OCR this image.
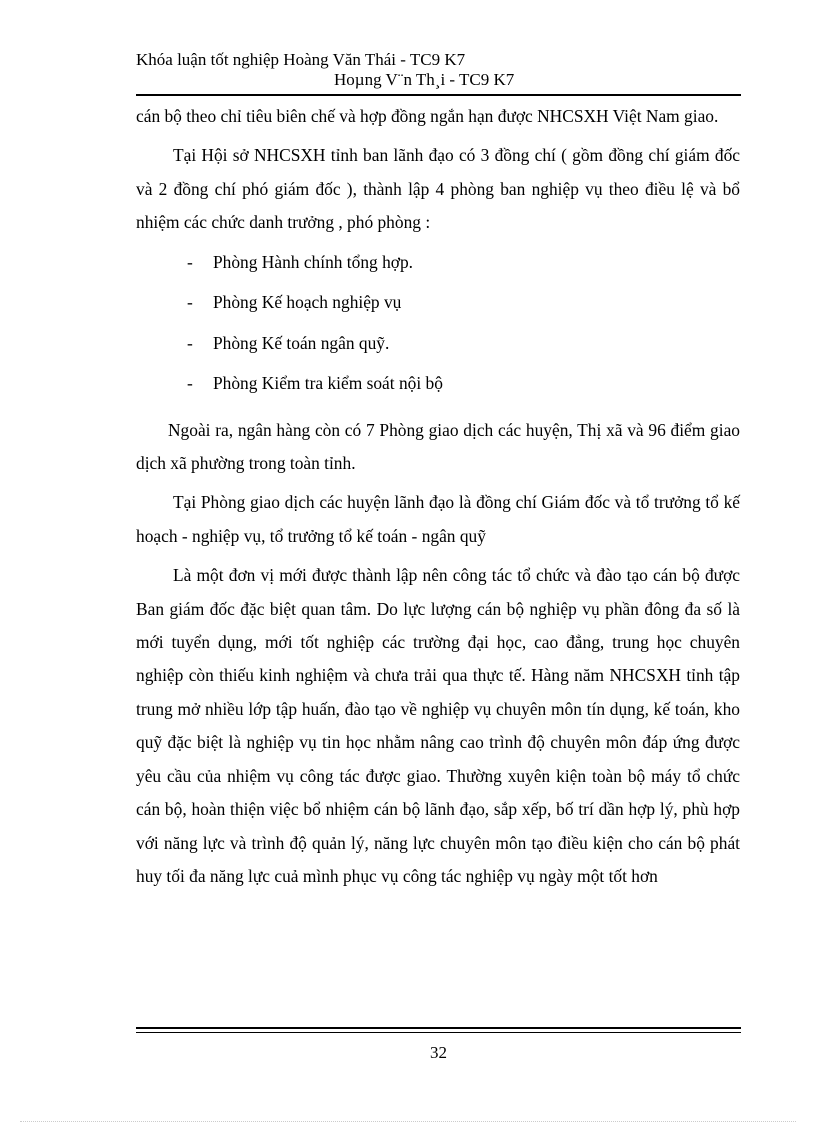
Khóa luận tốt nghiệp Hoàng Văn Thái - TC9 K7
Hoµng V¨n Th¸i - TC9 K7

cán bộ theo chỉ tiêu biên chế và hợp đồng ngắn hạn được NHCSXH Việt Nam giao.

Tại Hội sở NHCSXH tỉnh ban lãnh đạo có 3 đồng chí ( gồm đồng chí giám đốc và 2 đồng chí phó giám đốc ), thành lập 4 phòng ban nghiệp vụ theo điều lệ và bổ nhiệm các chức danh trưởng , phó phòng :

- Phòng Hành chính tổng hợp.
- Phòng Kế hoạch nghiệp vụ
- Phòng Kế toán ngân quỹ.
- Phòng Kiểm tra kiểm soát nội bộ

Ngoài ra, ngân hàng còn có 7 Phòng giao dịch các huyện, Thị xã và 96 điểm giao dịch xã phường trong toàn tỉnh.

Tại Phòng giao dịch các huyện lãnh đạo là đồng chí Giám đốc và tổ trưởng tổ kế hoạch - nghiệp vụ, tổ trưởng tổ kế toán - ngân quỹ

Là một đơn vị mới được thành lập nên công tác tổ chức và đào tạo cán bộ được Ban giám đốc đặc biệt quan tâm. Do lực lượng cán bộ nghiệp vụ phần đông đa số là mới tuyển dụng, mới tốt nghiệp các trường đại học, cao đẳng, trung học chuyên nghiệp còn thiếu kinh nghiệm và chưa trải qua thực tế. Hàng năm NHCSXH tỉnh tập trung mở nhiều lớp tập huấn, đào tạo về nghiệp vụ chuyên môn tín dụng, kế toán, kho quỹ đặc biệt là nghiệp vụ tin học nhằm nâng cao trình độ chuyên môn đáp ứng được yêu cầu của nhiệm vụ công tác được giao. Thường xuyên kiện toàn bộ máy tổ chức cán bộ, hoàn thiện việc bổ nhiệm cán bộ lãnh đạo, sắp xếp, bố trí dần hợp lý, phù hợp với năng lực và trình độ quản lý, năng lực chuyên môn tạo điều kiện cho cán bộ phát huy tối đa năng lực cuả mình phục vụ công tác nghiệp vụ ngày một tốt hơn

32
